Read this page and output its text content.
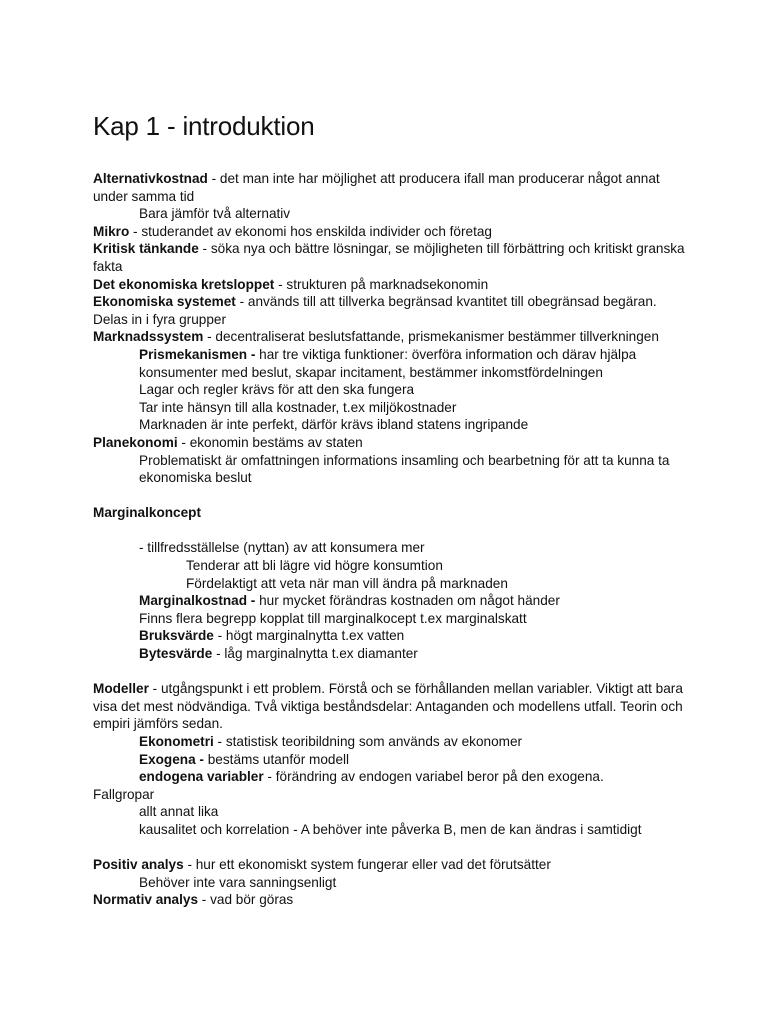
Kap 1 - introduktion

Alternativkostnad - det man inte har möjlighet att producera ifall man producerar något annat under samma tid

Bara jämför två alternativ

Mikro - studerandet av ekonomi hos enskilda individer och företag

Kritisk tänkande - söka nya och bättre lösningar, se möjligheten till förbättring och kritiskt granska fakta

Det ekonomiska kretsloppet - strukturen på marknadsekonomin

Ekonomiska systemet - används till att tillverka begränsad kvantitet till obegränsad begäran. Delas in i fyra grupper

Marknadssystem - decentraliserat beslutsfattande, prismekanismer bestämmer tillverkningen

Prismekanismen - har tre viktiga funktioner: överföra information och därav hjälpa konsumenter med beslut, skapar incitament, bestämmer inkomstfördelningen

Lagar och regler krävs för att den ska fungera

Tar inte hänsyn till alla kostnader, t.ex miljökostnader

Marknaden är inte perfekt, därför krävs ibland statens ingripande

Planekonomi - ekonomin bestäms av staten

Problematiskt är omfattningen informations insamling och bearbetning för att ta kunna ta ekonomiska beslut

Marginalkoncept

- tillfredsställelse (nyttan) av att konsumera mer

Tenderar att bli lägre vid högre konsumtion

Fördelaktigt att veta när man vill ändra på marknaden

Marginalkostnad - hur mycket förändras kostnaden om något händer

Finns flera begrepp kopplat till marginalkocept t.ex marginalskatt

Bruksvärde - högt marginalnytta t.ex vatten

Bytesvärde - låg marginalnytta t.ex diamanter

Modeller - utgångspunkt i ett problem. Förstå och se förhållanden mellan variabler. Viktigt att bara visa det mest nödvändiga. Två viktiga beståndsdelar: Antaganden och modellens utfall. Teorin och empiri jämförs sedan.

Ekonometri - statistisk teoribildning som används av ekonomer

Exogena - bestäms utanför modell

endogena variabler - förändring av endogen variabel beror på den exogena.

Fallgropar

allt annat lika

kausalitet och korrelation - A behöver inte påverka B, men de kan ändras i samtidigt

Positiv analys - hur ett ekonomiskt system fungerar eller vad det förutsätter

Behöver inte vara sanningsenligt

Normativ analys - vad bör göras
